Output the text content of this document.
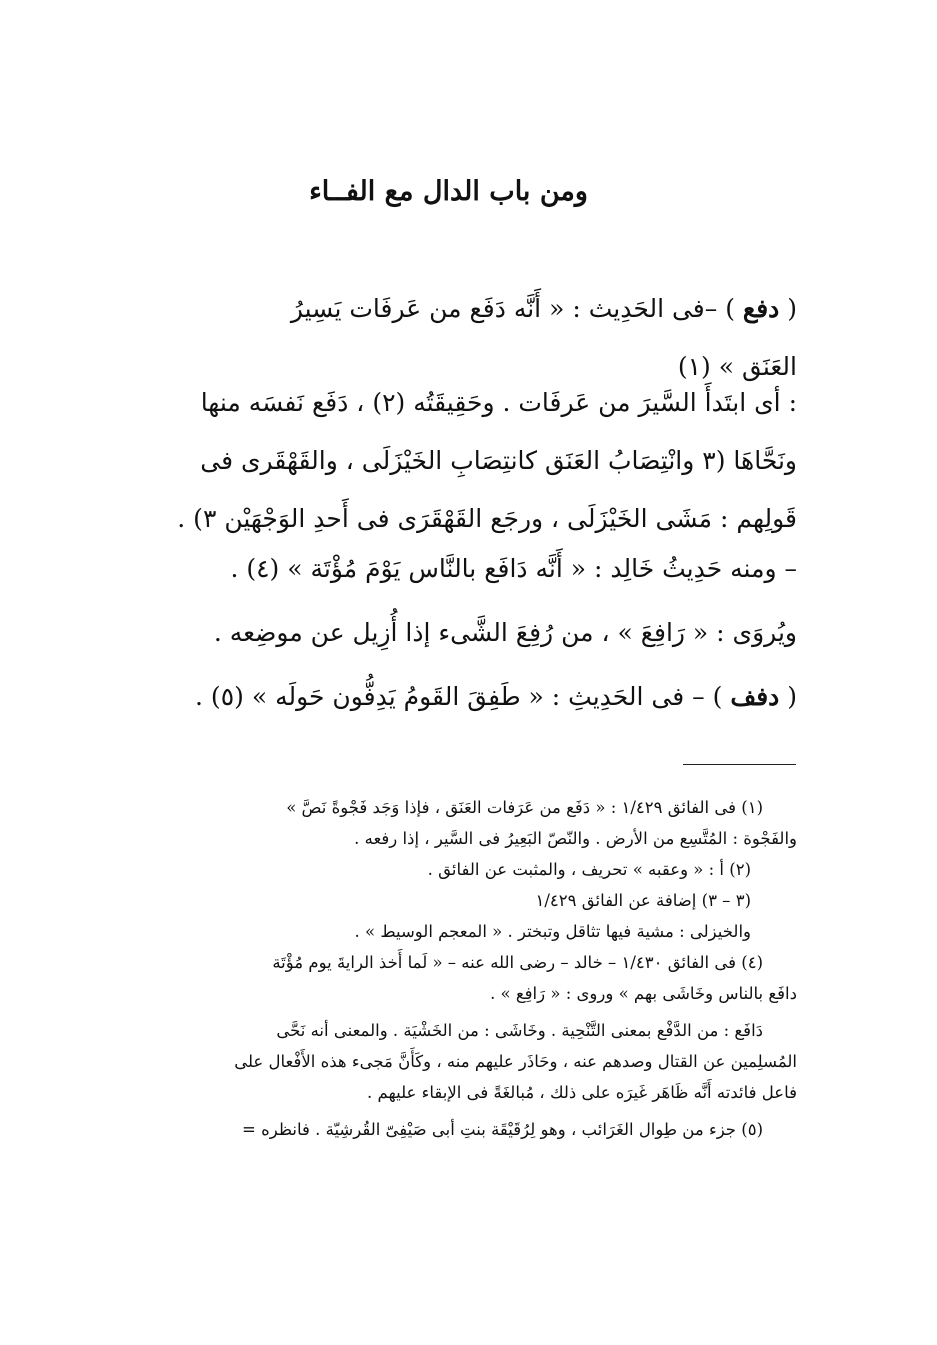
ومن باب الدال مع الفــاء
( دفع ) –فى الحَدِيث : « أَنَّه دَفَع من عَرفَات يَسِيرُ
العَنَق » (١)
: أى ابتَدأَ السَّيرَ من عَرفَات . وحَقِيقَتُه (٢) ، دَفَع نَفسَه منها
ونَحَّاهَا (٣ وانْتِصَابُ العَنَق كانتِصَابِ الخَيْزَلَى ، والقَهْقَرى فى
قَولِهم : مَشَى الخَيْزَلَى ، ورجَع القَهْقَرَى فى أَحدِ الوَجْهَيْن ٣) .
– ومنه حَدِيثُ خَالِد : « أَنَّه دَافَع بالنَّاس يَوْمَ مُؤْتَة » (٤) .
ويُروَى : « رَافِعَ » ، من رُفِعَ الشَّىء إذا أُزِيل عن موضِعه .
( دفف ) – فى الحَدِيثِ : « طَفِقَ القَومُ يَدِفُّون حَولَه » (٥) .
(١) فى الفائق ١/٤٢٩ : « دَفَع من عَرَفات العَنَق ، فإذا وَجَد فَجْوةً نَصَّ »
والفَجْوة : المُتَّسِع من الأرض . والنّصّ البَعِيرُ فى السَّير ، إذا رفعه .
(٢) أ : « وعقبه » تحريف ، والمثبت عن الفائق .
(٣ – ٣) إضافة عن الفائق ١/٤٢٩
والخيزلى : مشية فيها تثاقل وتبختر . « المعجم الوسيط » .
(٤) فى الفائق ١/٤٣٠ – خالد – رضى الله عنه – « لَما أَخذ الرايةَ يوم مُؤْتَة
دافَع بالناس وخَاشَى بهم » وروى : « رَافِع » .
دَافَع : من الدَّفْع بمعنى التَّنْحِية . وخَاشَى : من الخَشْيَة . والمعنى أنه نَحَّى
المُسلِمين عن القتال وصدهم عنه ، وحَاذَر عليهم منه ، وكَأَنَّ مَجىء هذه الأَفْعال على
فاعل فائدته أَنَّه ظَاهَر غَيرَه على ذلك ، مُبالغَةً فى الإبقاء عليهم .
(٥) جزء من طِوال الغَرَائب ، وهو لِرُقَيْقَة بنتِ أبى صَيْفِىّ القُرشِيّة . فانظره =
